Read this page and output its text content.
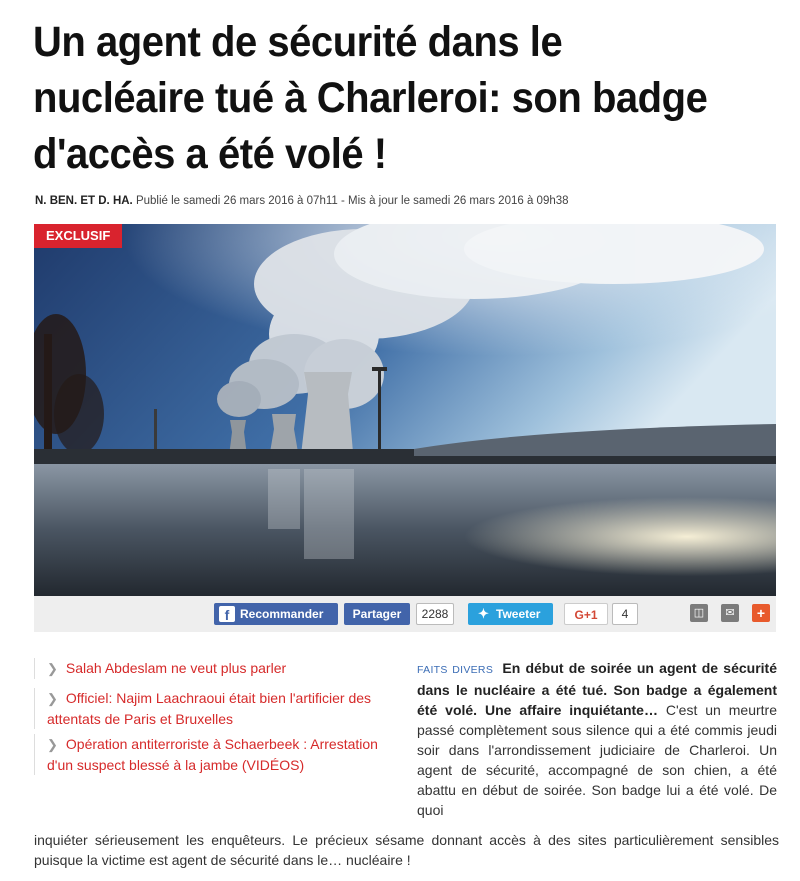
Un agent de sécurité dans le nucléaire tué à Charleroi: son badge d'accès a été volé !
N. BEN. ET D. HA. Publié le samedi 26 mars 2016 à 07h11 - Mis à jour le samedi 26 mars 2016 à 09h38
EXCLUSIF
f Recommander	Partager	2288	✦ Tweeter	G+1	4	◫	✉	+
❯ Salah Abdeslam ne veut plus parler
❯ Officiel: Najim Laachraoui était bien l'artificier des attentats de Paris et Bruxelles
❯ Opération antiterroriste à Schaerbeek : Arrestation d'un suspect blessé à la jambe (VIDÉOS)
FAITS DIVERS En début de soirée un agent de sécurité dans le nucléaire a été tué. Son badge a également été volé. Une affaire inquiétante… C'est un meurtre passé complètement sous silence qui a été commis jeudi soir dans l'arrondissement judiciaire de Charleroi. Un agent de sécurité, accompagné de son chien, a été abattu en début de soirée. Son badge lui a été volé. De quoi
inquiéter sérieusement les enquêteurs. Le précieux sésame donnant accès à des sites particulièrement sensibles puisque la victime est agent de sécurité dans le… nucléaire !
